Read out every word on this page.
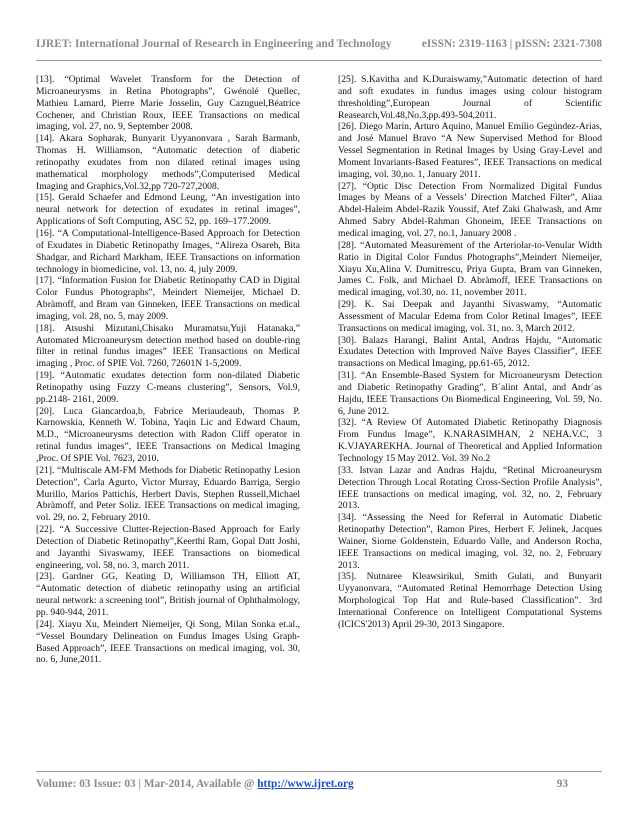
IJRET: International Journal of Research in Engineering and Technology	eISSN: 2319-1163 | pISSN: 2321-7308

[13]. “Optimal Wavelet Transform for the Detection of Microaneurysms in Retina Photographs”, Gwénolé Quellec, Mathieu Lamard, Pierre Marie Josselin, Guy Cazuguel,Béatrice Cochener, and Christian Roux, IEEE Transactions on medical imaging, vol. 27, no. 9, September 2008.

[14]. Akara Sopharak, Bunyarit Uyyanonvara , Sarah Barmanb, Thomas H. Williamson, “Automatic detection of diabetic retinopathy exudates from non dilated retinal images using mathematical morphology methods”,Computerised Medical Imaging and Graphics,Vol.32,pp 720-727,2008.

[15]. Gerald Schaefer and Edmond Leung, “An investigation into neural network for detection of exudates in retinal images”, Applications of Soft Computing, ASC 52, pp. 169–177.2009.

[16]. “A Computational-Intelligence-Based Approach for Detection of Exudates in Diabetic Retinopathy Images, “Alireza Osareh, Bita Shadgar, and Richard Markham, IEEE Transactions on information technology in biomedicine, vol. 13, no. 4, july 2009.

[17]. “Information Fusion for Diabetic Retinopathy CAD in Digital Color Fundus Photographs”, Meindert Niemeijer, Michael D. Abràmoff, and Bram van Ginneken, IEEE Transactions on medical imaging, vol. 28, no. 5, may 2009.

[18]. Atsushi Mizutani,Chisako Muramatsu,Yuji Hatanaka,” Automated Microaneurysm detection method based on double-ring filter in retinal fundus images” IEEE Transactions on Medical imaging , Proc. of SPIE Vol. 7260, 72601N 1-5,2009.

[19]. “Automatic exudates detection form non-dilated Diabetic Retinopathy using Fuzzy C-means clustering”, Sensors, Vol.9, pp.2148- 2161, 2009.

[20]. Luca Giancardoa,b, Fabrice Meriaudeaub, Thomas P. Karnowskia, Kenneth W. Tobina, Yaqin Lic and Edward Chaum, M.D., “Microaneurysms detection with Radon Cliff operator in retinal fundus images”, IEEE Transactions on Medical Imaging ,Proc. Of SPIE Vol. 7623, 2010.

[21]. “Multiscale AM-FM Methods for Diabetic Retinopathy Lesion Detection”, Carla Agurto, Victor Murray, Eduardo Barriga, Sergio Murillo, Marios Pattichis, Herbert Davis, Stephen Russell,Michael Abràmoff, and Peter Soliz. IEEE Transactions on medical imaging, vol. 29, no. 2, February 2010.

[22]. “A Successive Clutter-Rejection-Based Approach for Early Detection of Diabetic Retinopathy”,Keerthi Ram, Gopal Datt Joshi, and Jayanthi Sivaswamy, IEEE Transactions on biomedical engineering, vol. 58, no. 3, march 2011.

[23]. Gardner GG, Keating D, Williamson TH, Elliott AT, “Automatic detection of diabetic retinopathy using an artificial neural network: a screening tool”, British journal of Ophthalmology, pp. 940-944, 2011.

[24]. Xiayu Xu, Meindert Niemeijer, Qi Song, Milan Sonka et.al., “Vessel Boundary Delineation on Fundus Images Using Graph-Based Approach”, IEEE Transactions on medical imaging, vol. 30, no. 6, June,2011.

[25]. S.Kavitha and K.Duraiswamy,”Automatic detection of hard and soft exudates in fundus images using colour histogram thresholding”,European Journal of Scientific Reasearch,Vol.48,No.3,pp.493-504,2011.

[26]. Diego Marín, Arturo Aquino, Manuel Emilio Gegúndez-Arias, and José Manuel Bravo “A New Supervised Method for Blood Vessel Segmentation in Retinal Images by Using Gray-Level and Moment Invariants-Based Features”, IEEE Transactions on medical imaging, vol. 30,no. 1, January 2011.

[27]. “Optic Disc Detection From Normalized Digital Fundus Images by Means of a Vessels’ Direction Matched Filter”, Aliaa Abdel-Haleim Abdel-Razik Youssif, Atef Zaki Ghalwash, and Amr Ahmed Sabry Abdel-Rahman Ghoneim, IEEE Transactions on medical imaging, vol. 27, no.1, January 2008 .

[28]. “Automated Measurement of the Arteriolar-to-Venular Width Ratio in Digital Color Fundus Photographs”,Meindert Niemeijer, Xiayu Xu,Alina V. Dumitrescu, Priya Gupta, Bram van Ginneken, James C. Folk, and Michael D. Abràmoff, IEEE Transactions on medical imaging, vol.30, no. 11, november 2011.

[29]. K. Sai Deepak and Jayanthi Sivaswamy, “Automatic Assessment of Macular Edema from Color Retinal Images”, IEEE Transactions on medical imaging, vol. 31, no. 3, March 2012.

[30]. Balazs Harangi, Balint Antal, Andras Hajdu, “Automatic Exudates Detection with Improved Naïve Bayes Classifier”, IEEE transactions on Medical Imaging, pp.61-65, 2012.

[31]. “An Ensemble-Based System for Microaneurysm Detection and Diabetic Retinopathy Grading”, B´alint Antal, and Andr´as Hajdu, IEEE Transactions On Biomedical Engineering, Vol. 59, No. 6, June 2012.

[32]. “A Review Of Automated Diabetic Retinopathy Diagnosis From Fundus Image”, K.NARASIMHAN, 2 NEHA.V.C, 3 K.VJAYAREKHA. Journal of Theoretical and Applied Information Technology 15 May 2012. Vol. 39 No.2

[33. Istvan Lazar and Andras Hajdu, “Retinal Microaneurysm Detection Through Local Rotating Cross-Section Profile Analysis”, IEEE transactions on medical imaging, vol. 32, no. 2, February 2013.

[34]. “Assessing the Need for Referral in Automatic Diabetic Retinopathy Detection”, Ramon Pires, Herbert F. Jelinek, Jacques Wainer, Siome Goldenstein, Eduardo Valle, and Anderson Rocha, IEEE Transactions on medical imaging, vol. 32, no. 2, February 2013.

[35]. Nutnaree Kleawsirikul, Smith Gulati, and Bunyarit Uyyanonvara, “Automated Retinal Hemorrhage Detection Using Morphological Top Hat and Rule-based Classification”. 3rd International Conference on Intelligent Computational Systems (ICICS'2013) April 29-30, 2013 Singapore.

Volume: 03 Issue: 03 | Mar-2014, Available @ http://www.ijret.org	93
